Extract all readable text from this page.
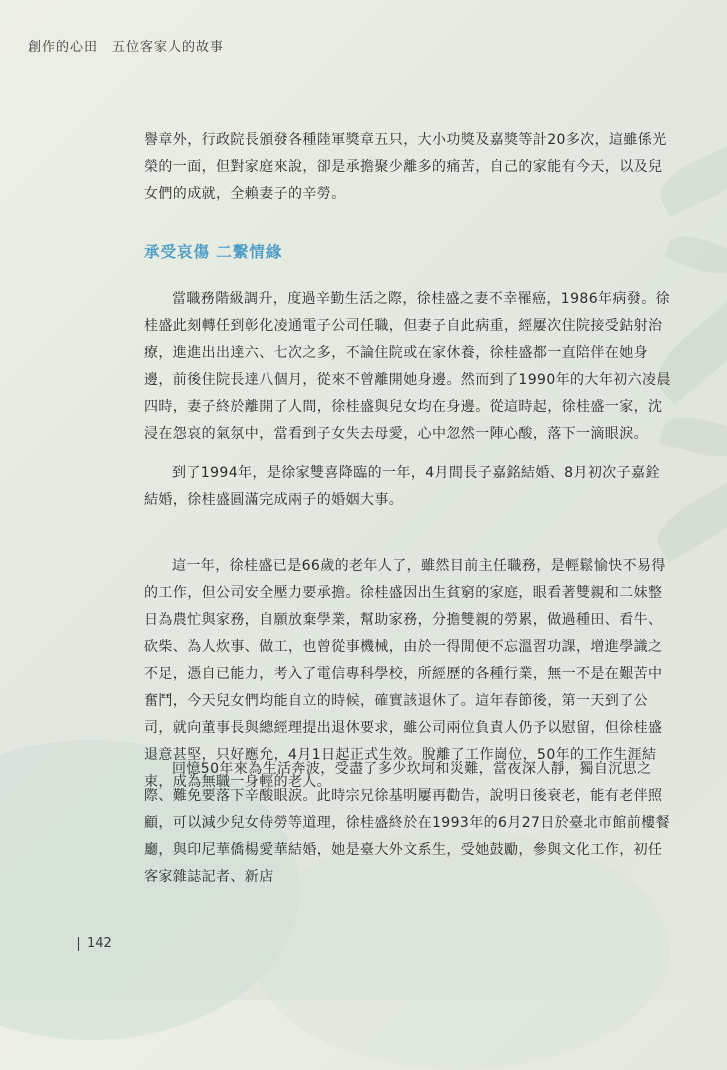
創作的心田 五位客家人的故事

譽章外，行政院長頒發各種陸軍獎章五只，大小功獎及嘉獎等計20多次，這雖係光榮的一面，但對家庭來說，卻是承擔聚少離多的痛苦，自己的家能有今天，以及兒女們的成就，全賴妻子的辛勞。

承受哀傷 二繫情緣

當職務階級調升，度過辛勤生活之際，徐桂盛之妻不幸罹癌，1986年病發。徐桂盛此刻轉任到彰化凌通電子公司任職，但妻子自此病重，經屢次住院接受鈷射治療，進進出出達六、七次之多，不論住院或在家休養，徐桂盛都一直陪伴在她身邊，前後住院長達八個月，從來不曾離開她身邊。然而到了1990年的大年初六凌晨四時，妻子終於離開了人間，徐桂盛與兒女均在身邊。從這時起，徐桂盛一家，沈浸在怨哀的氣氛中，當看到子女失去母愛，心中忽然一陣心酸，落下一滴眼淚。

到了1994年，是徐家雙喜降臨的一年，4月間長子嘉銘結婚、8月初次子嘉銓結婚，徐桂盛圓滿完成兩子的婚姻大事。

這一年，徐桂盛已是66歲的老年人了，雖然目前主任職務，是輕鬆愉快不易得的工作，但公司安全壓力要承擔。徐桂盛因出生貧窮的家庭，眼看著雙親和二妹整日為農忙與家務，自願放棄學業，幫助家務，分擔雙親的勞累，做過種田、看牛、砍柴、為人炊事、做工，也曾從事機械，由於一得閒便不忘溫習功課，增進學識之不足，憑自已能力，考入了電信專科學校，所經歷的各種行業，無一不是在艱苦中奮鬥，今天兒女們均能自立的時候，確實該退休了。這年春節後，第一天到了公司，就向董事長與總經理提出退休要求，雖公司兩位負責人仍予以慰留，但徐桂盛退意甚堅，只好應允，4月1日起正式生效。脫離了工作崗位，50年的工作生涯結束，成為無職一身輕的老人。

回憶50年來為生活奔波，受盡了多少坎坷和災難，當夜深人靜，獨自沉思之際、難免要落下辛酸眼淚。此時宗兄徐基明屢再勸告，說明日後衰老，能有老伴照顧，可以減少兒女侍勞等道理，徐桂盛終於在1993年的6月27日於臺北市館前樓餐廳，與印尼華僑楊愛華結婚，她是臺大外文系生，受她鼓勵，參與文化工作，初任客家雜誌記者、新店

142
